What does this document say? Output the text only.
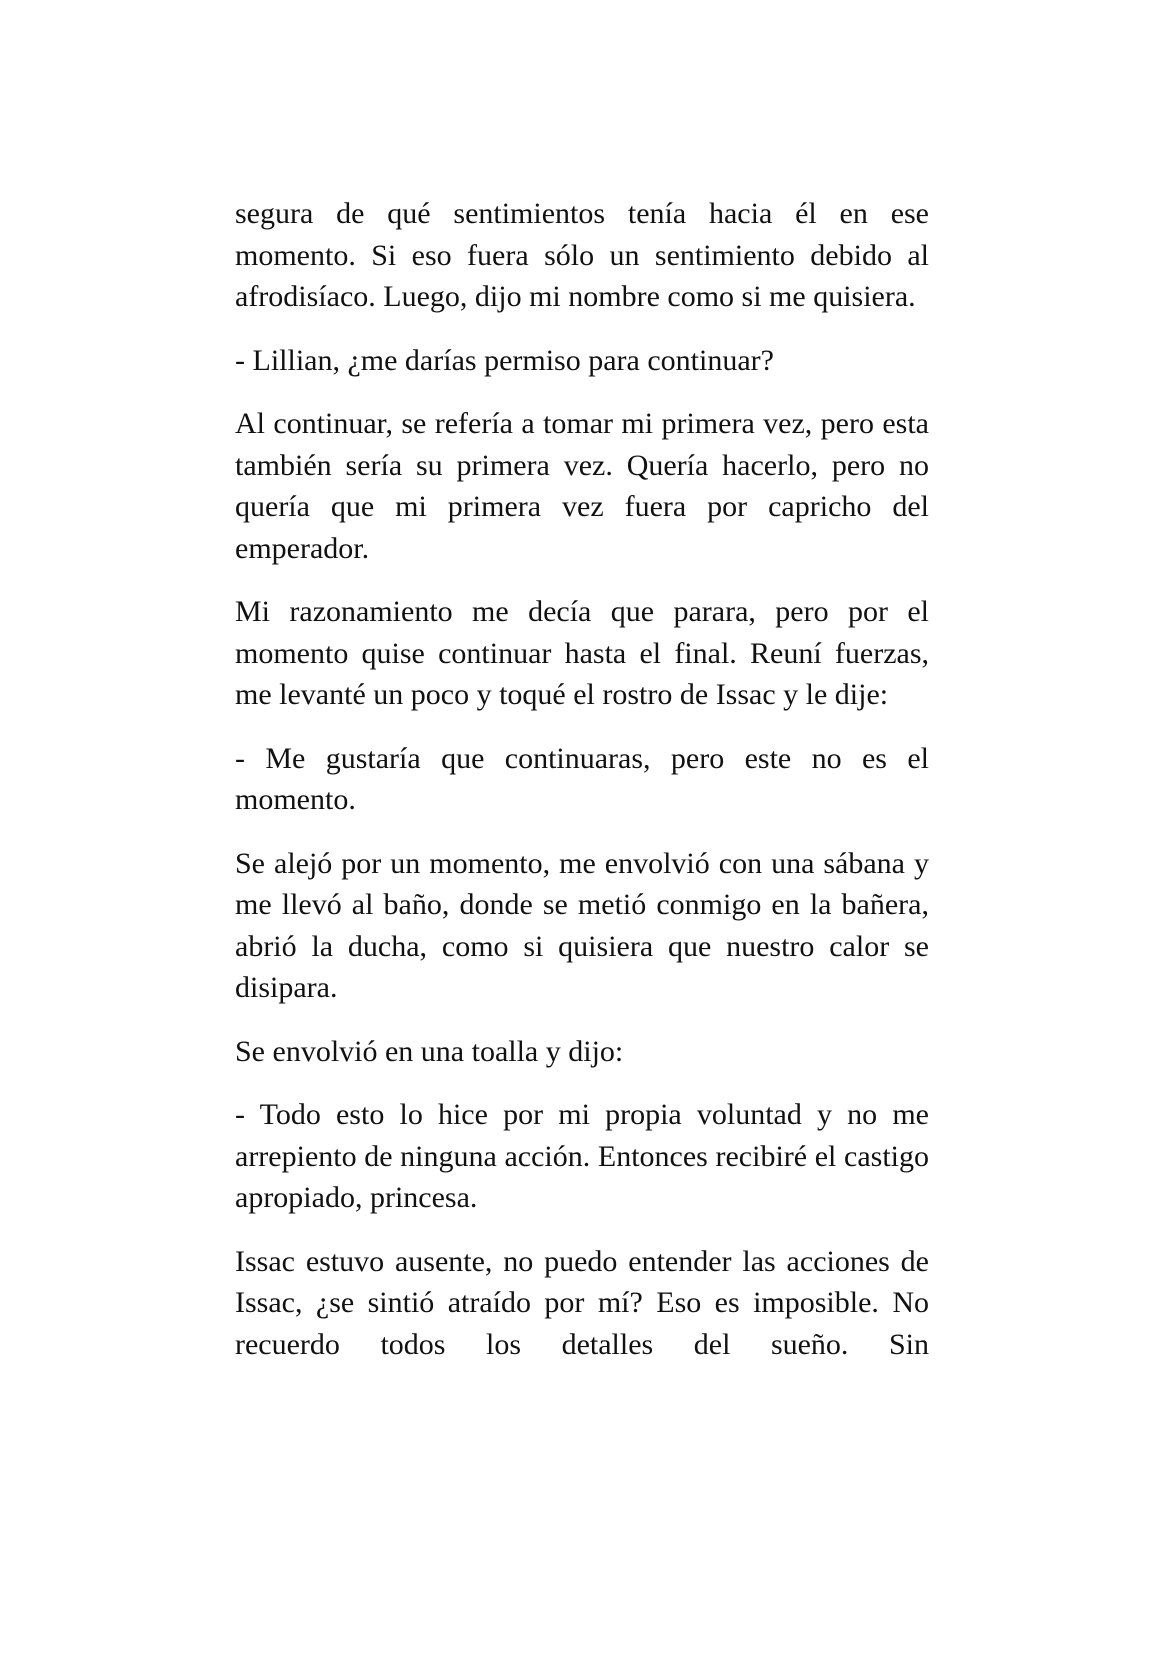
segura de qué sentimientos tenía hacia él en ese momento. Si eso fuera sólo un sentimiento debido al afrodisíaco. Luego, dijo mi nombre como si me quisiera.

- Lillian, ¿me darías permiso para continuar?

Al continuar, se refería a tomar mi primera vez, pero esta también sería su primera vez. Quería hacerlo, pero no quería que mi primera vez fuera por capricho del emperador.

Mi razonamiento me decía que parara, pero por el momento quise continuar hasta el final. Reuní fuerzas, me levanté un poco y toqué el rostro de Issac y le dije:

- Me gustaría que continuaras, pero este no es el momento.

Se alejó por un momento, me envolvió con una sábana y me llevó al baño, donde se metió conmigo en la bañera, abrió la ducha, como si quisiera que nuestro calor se disipara.

Se envolvió en una toalla y dijo:

- Todo esto lo hice por mi propia voluntad y no me arrepiento de ninguna acción. Entonces recibiré el castigo apropiado, princesa.

Issac estuvo ausente, no puedo entender las acciones de Issac, ¿se sintió atraído por mí? Eso es imposible. No recuerdo todos los detalles del sueño. Sin
